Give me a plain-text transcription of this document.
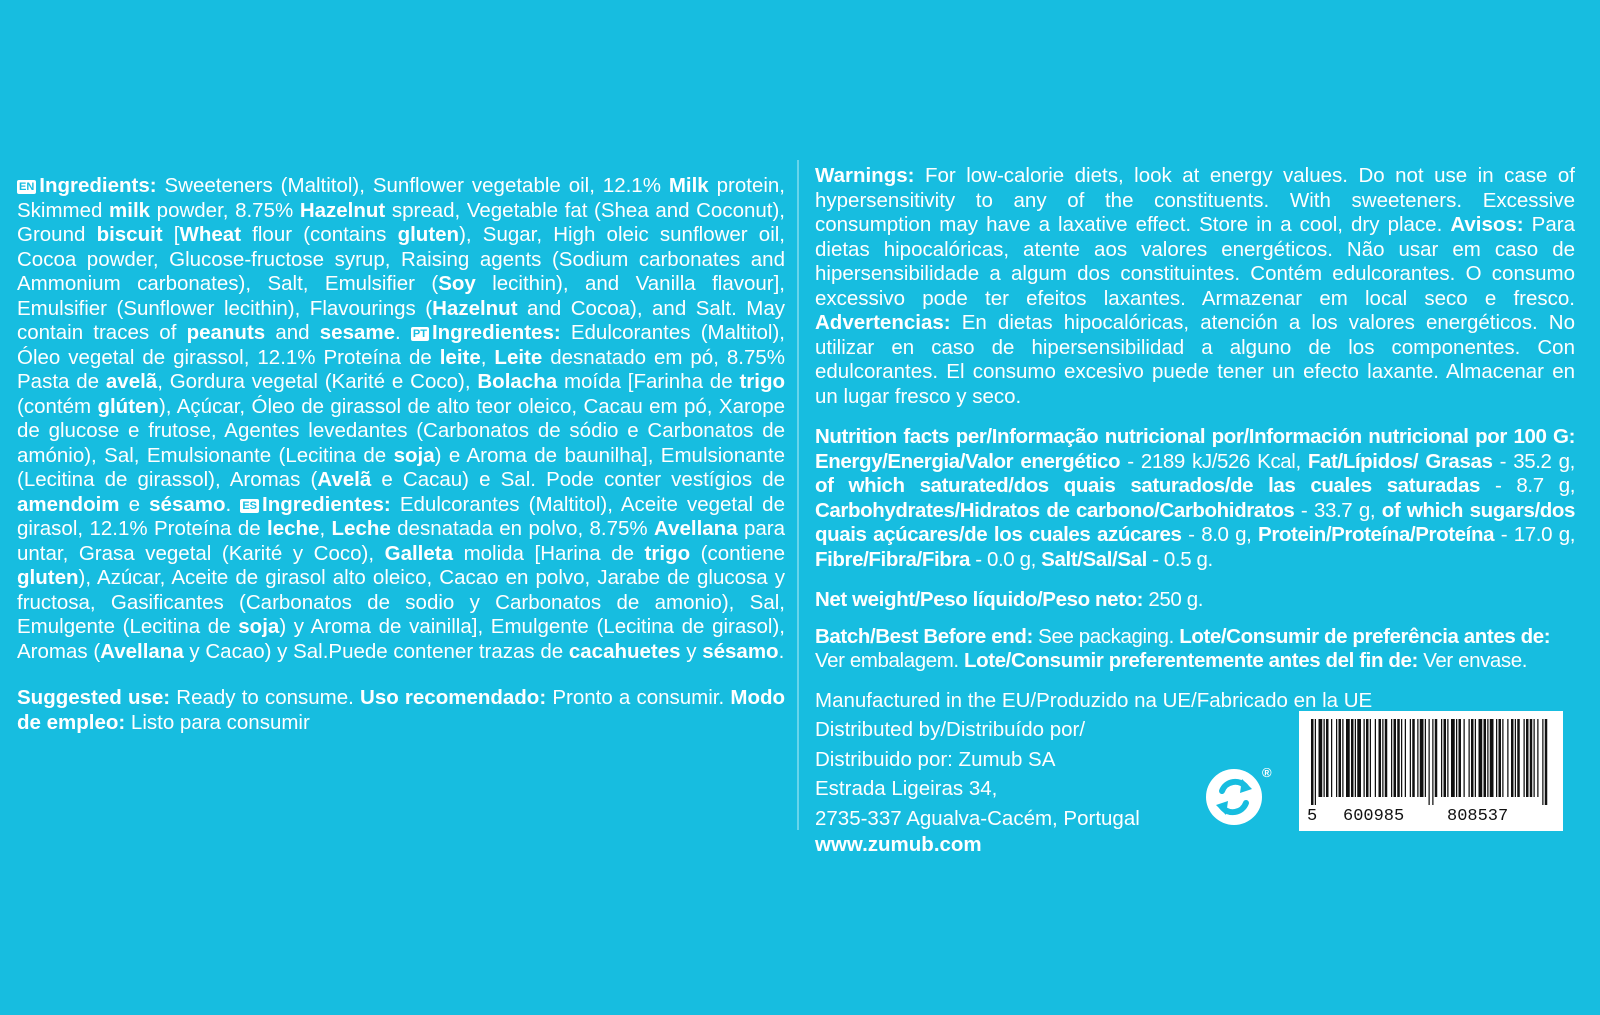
EN Ingredients: Sweeteners (Maltitol), Sunflower vegetable oil, 12.1% Milk protein, Skimmed milk powder, 8.75% Hazelnut spread, Vegetable fat (Shea and Coconut), Ground biscuit [Wheat flour (contains gluten), Sugar, High oleic sunflower oil, Cocoa powder, Glucose-fructose syrup, Raising agents (Sodium carbonates and Ammonium carbonates), Salt, Emulsifier (Soy lecithin), and Vanilla flavour], Emulsifier (Sunflower lecithin), Flavourings (Hazelnut and Cocoa), and Salt. May contain traces of peanuts and sesame. PT Ingredientes: Edulcorantes (Maltitol), Óleo vegetal de girassol, 12.1% Proteína de leite, Leite desnatado em pó, 8.75% Pasta de avelã, Gordura vegetal (Karité e Coco), Bolacha moída [Farinha de trigo (contém glúten), Açúcar, Óleo de girassol de alto teor oleico, Cacau em pó, Xarope de glucose e frutose, Agentes levedantes (Carbonatos de sódio e Carbonatos de amónio), Sal, Emulsionante (Lecitina de soja) e Aroma de baunilha], Emulsionante (Lecitina de girassol), Aromas (Avelã e Cacau) e Sal. Pode conter vestígios de amendoim e sésamo. ES Ingredientes: Edulcorantes (Maltitol), Aceite vegetal de girasol, 12.1% Proteína de leche, Leche desnatada en polvo, 8.75% Avellana para untar, Grasa vegetal (Karité y Coco), Galleta molida [Harina de trigo (contiene gluten), Azúcar, Aceite de girasol alto oleico, Cacao en polvo, Jarabe de glucosa y fructosa, Gasificantes (Carbonatos de sodio y Carbonatos de amonio), Sal, Emulgente (Lecitina de soja) y Aroma de vainilla], Emulgente (Lecitina de girasol), Aromas (Avellana y Cacao) y Sal.Puede contener trazas de cacahuetes y sésamo.

Suggested use: Ready to consume. Uso recomendado: Pronto a consumir. Modo de empleo: Listo para consumir

Warnings: For low-calorie diets, look at energy values. Do not use in case of hypersensitivity to any of the constituents. With sweeteners. Excessive consumption may have a laxative effect. Store in a cool, dry place. Avisos: Para dietas hipocalóricas, atente aos valores energéticos. Não usar em caso de hipersensibilidade a algum dos constituintes. Contém edulcorantes. O consumo excessivo pode ter efeitos laxantes. Armazenar em local seco e fresco. Advertencias: En dietas hipocalóricas, atención a los valores energéticos. No utilizar en caso de hipersensibilidad a alguno de los componentes. Con edulcorantes. El consumo excesivo puede tener un efecto laxante. Almacenar en un lugar fresco y seco.

Nutrition facts per/Informação nutricional por/Información nutricional por 100 G: Energy/Energia/Valor energético - 2189 kJ/526 Kcal, Fat/Lípidos/ Grasas - 35.2 g, of which saturated/dos quais saturados/de las cuales saturadas - 8.7 g, Carbohydrates/Hidratos de carbono/Carbohidratos - 33.7 g, of which sugars/dos quais açúcares/de los cuales azúcares - 8.0 g, Protein/Proteína/Proteína - 17.0 g, Fibre/Fibra/Fibra - 0.0 g, Salt/Sal/Sal - 0.5 g.

Net weight/Peso líquido/Peso neto: 250 g.

Batch/Best Before end: See packaging. Lote/Consumir de preferência antes de: Ver embalagem. Lote/Consumir preferentemente antes del fin de: Ver envase.

Manufactured in the EU/Produzido na UE/Fabricado en la UE

Distributed by/Distribuído por/

Distribuido por: Zumub SA

Estrada Ligeiras 34,

2735-337 Agualva-Cacém, Portugal

www.zumub.com

®
5 600985	808537
